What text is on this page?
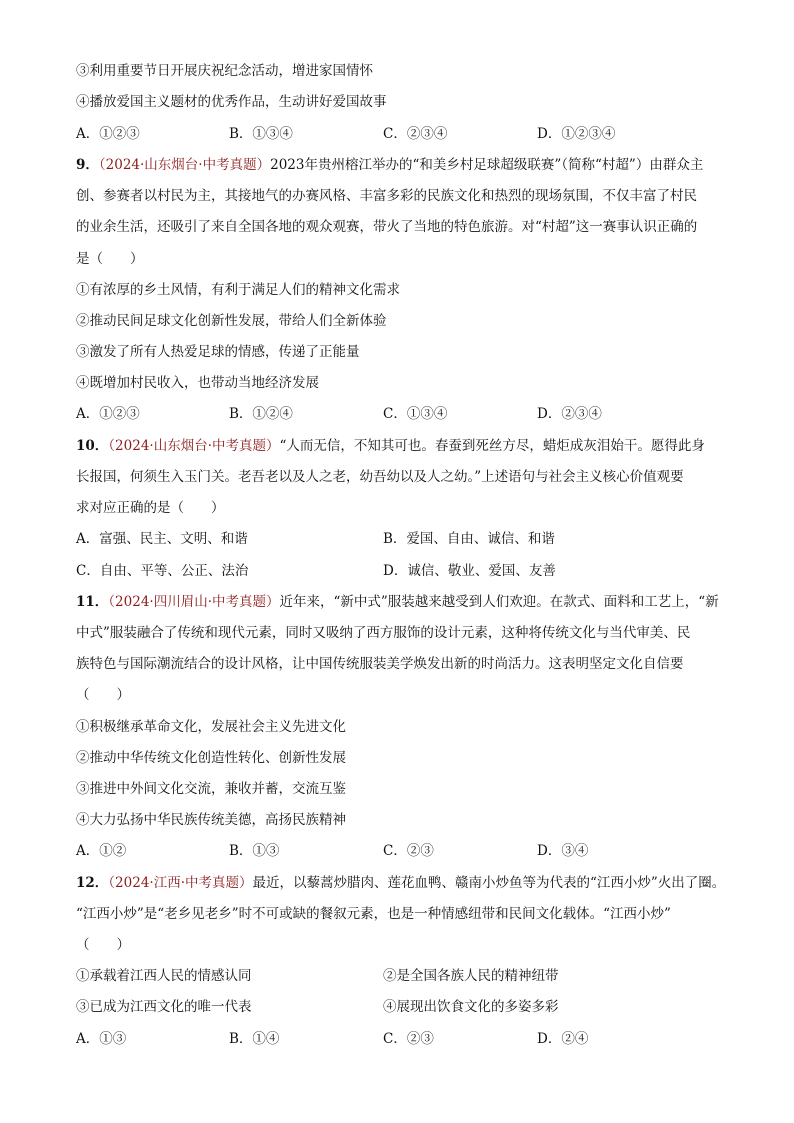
③利用重要节日开展庆祝纪念活动，增进家国情怀
④播放爱国主义题材的优秀作品，生动讲好爱国故事
A．①②③	B．①③④	C．②③④	D．①②③④
9．（2024·山东烟台·中考真题）2023年贵州榕江举办的“和美乡村足球超级联赛”（简称“村超”）由群众主
创、参赛者以村民为主，其接地气的办赛风格、丰富多彩的民族文化和热烈的现场氛围，不仅丰富了村民
的业余生活，还吸引了来自全国各地的观众观赛，带火了当地的特色旅游。对“村超”这一赛事认识正确的
是（　　）
①有浓厚的乡土风情，有利于满足人们的精神文化需求
②推动民间足球文化创新性发展，带给人们全新体验
③激发了所有人热爱足球的情感，传递了正能量
④既增加村民收入，也带动当地经济发展
A．①②③	B．①②④	C．①③④	D．②③④
10．（2024·山东烟台·中考真题）“人而无信，不知其可也。春蚕到死丝方尽，蜡炬成灰泪始干。愿得此身
长报国，何须生入玉门关。老吾老以及人之老，幼吾幼以及人之幼。”上述语句与社会主义核心价值观要
求对应正确的是（　　）
A．富强、民主、文明、和谐	B．爱国、自由、诚信、和谐
C．自由、平等、公正、法治	D．诚信、敬业、爱国、友善
11．（2024·四川眉山·中考真题）近年来，“新中式”服装越来越受到人们欢迎。在款式、面料和工艺上，“新
中式”服装融合了传统和现代元素，同时又吸纳了西方服饰的设计元素，这种将传统文化与当代审美、民
族特色与国际潮流结合的设计风格，让中国传统服装美学焕发出新的时尚活力。这表明坚定文化自信要
（　　）
①积极继承革命文化，发展社会主义先进文化
②推动中华传统文化创造性转化、创新性发展
③推进中外间文化交流，兼收并蓄，交流互鉴
④大力弘扬中华民族传统美德，高扬民族精神
A．①②	B．①③	C．②③	D．③④
12．（2024·江西·中考真题）最近，以藜蒿炒腊肉、莲花血鸭、赣南小炒鱼等为代表的“江西小炒”火出了圈。
“江西小炒”是“老乡见老乡”时不可或缺的餐叙元素，也是一种情感纽带和民间文化载体。“江西小炒”
（　　）
①承载着江西人民的情感认同	②是全国各族人民的精神纽带
③已成为江西文化的唯一代表	④展现出饮食文化的多姿多彩
A．①③	B．①④	C．②③	D．②④
